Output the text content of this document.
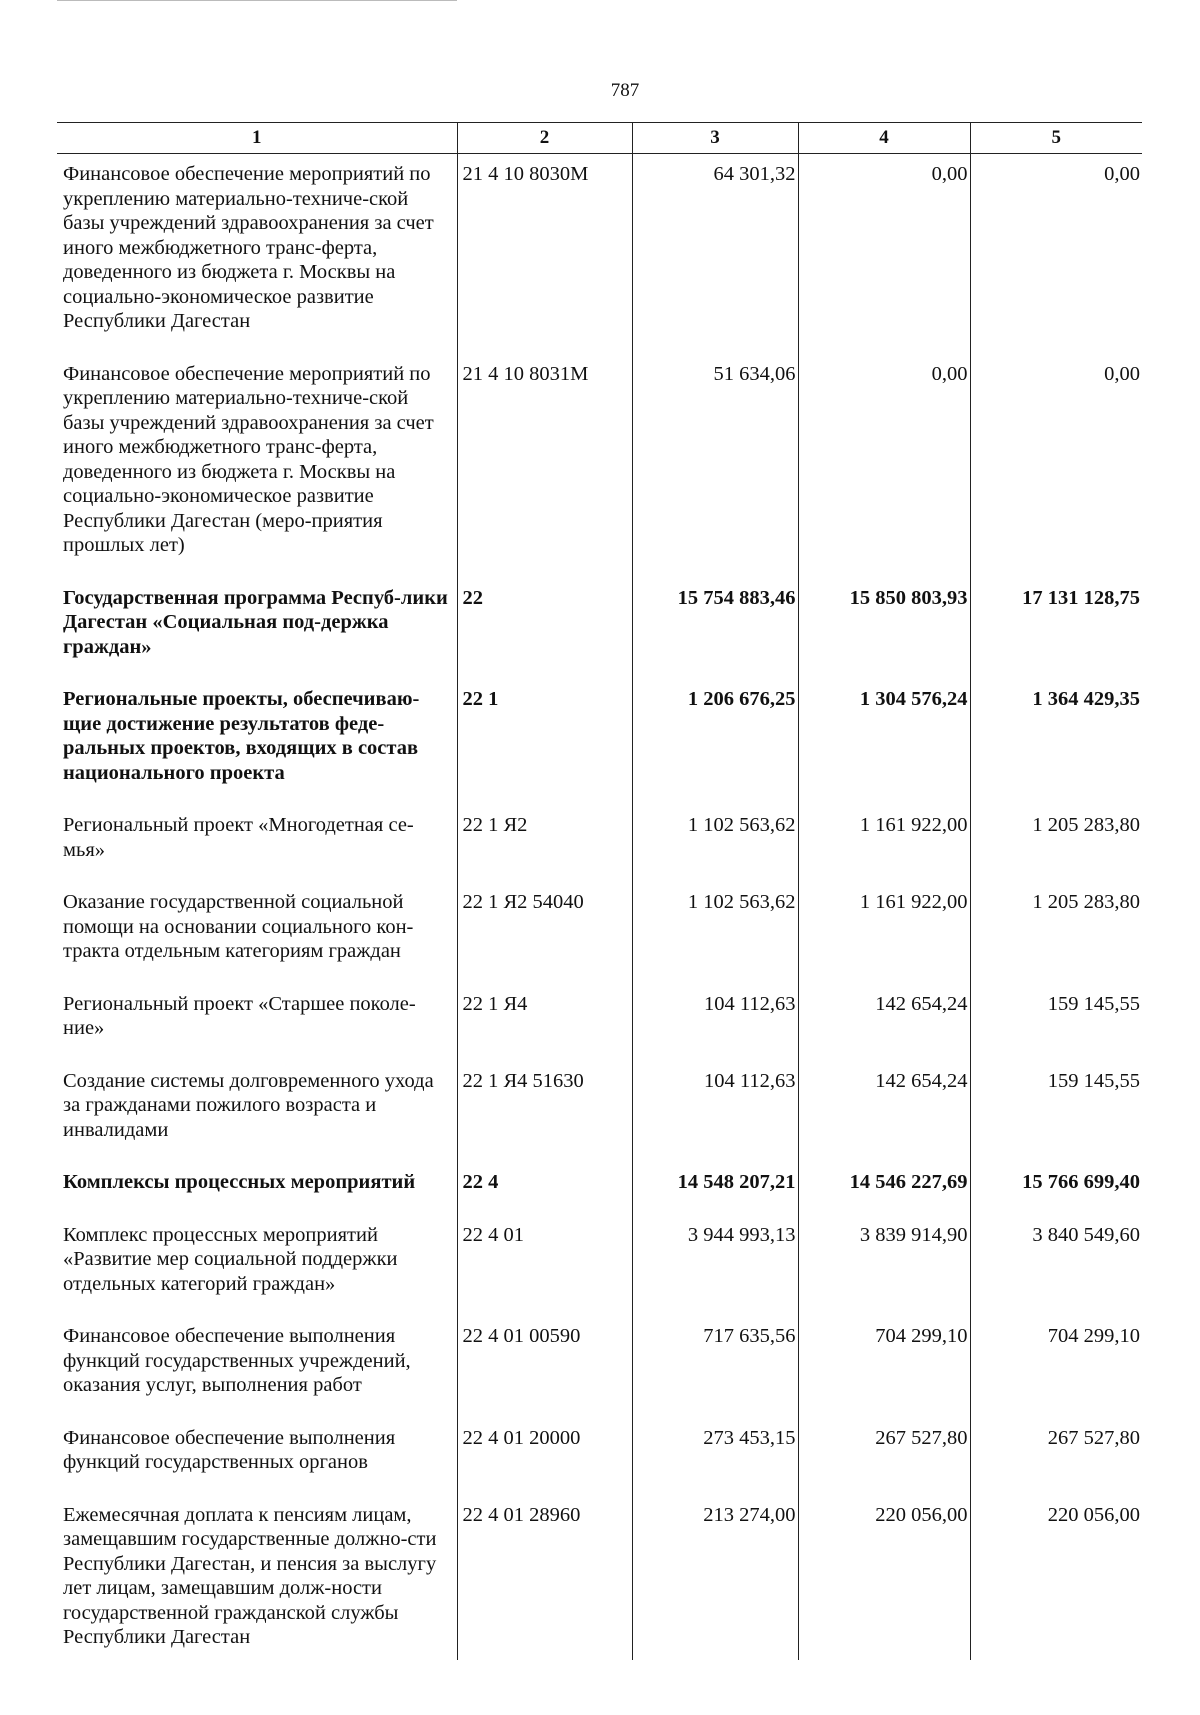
787
1	2	3	4	5
Финансовое обеспечение мероприятий по укреплению материально-техниче-ской базы учреждений здравоохранения за счет иного межбюджетного транс-ферта, доведенного из бюджета г. Москвы на социально-экономическое развитие Республики Дагестан	21 4 10 8030М	64 301,32	0,00	0,00
Финансовое обеспечение мероприятий по укреплению материально-техниче-ской базы учреждений здравоохранения за счет иного межбюджетного транс-ферта, доведенного из бюджета г. Москвы на социально-экономическое развитие Республики Дагестан (меро-приятия прошлых лет)	21 4 10 8031М	51 634,06	0,00	0,00
Государственная программа Респуб-лики Дагестан «Социальная под-держка граждан»	22	15 754 883,46	15 850 803,93	17 131 128,75
Региональные проекты, обеспечиваю-щие достижение результатов феде-ральных проектов, входящих в состав национального проекта	22 1	1 206 676,25	1 304 576,24	1 364 429,35
Региональный проект «Многодетная се-мья»	22 1 Я2	1 102 563,62	1 161 922,00	1 205 283,80
Оказание государственной социальной помощи на основании социального кон-тракта отдельным категориям граждан	22 1 Я2 54040	1 102 563,62	1 161 922,00	1 205 283,80
Региональный проект «Старшее поколе-ние»	22 1 Я4	104 112,63	142 654,24	159 145,55
Создание системы долговременного ухода за гражданами пожилого возраста и инвалидами	22 1 Я4 51630	104 112,63	142 654,24	159 145,55
Комплексы процессных мероприятий	22 4	14 548 207,21	14 546 227,69	15 766 699,40
Комплекс процессных мероприятий «Развитие мер социальной поддержки отдельных категорий граждан»	22 4 01	3 944 993,13	3 839 914,90	3 840 549,60
Финансовое обеспечение выполнения функций государственных учреждений, оказания услуг, выполнения работ	22 4 01 00590	717 635,56	704 299,10	704 299,10
Финансовое обеспечение выполнения функций государственных органов	22 4 01 20000	273 453,15	267 527,80	267 527,80
Ежемесячная доплата к пенсиям лицам, замещавшим государственные должно-сти Республики Дагестан, и пенсия за выслугу лет лицам, замещавшим долж-ности государственной гражданской службы Республики Дагестан	22 4 01 28960	213 274,00	220 056,00	220 056,00
